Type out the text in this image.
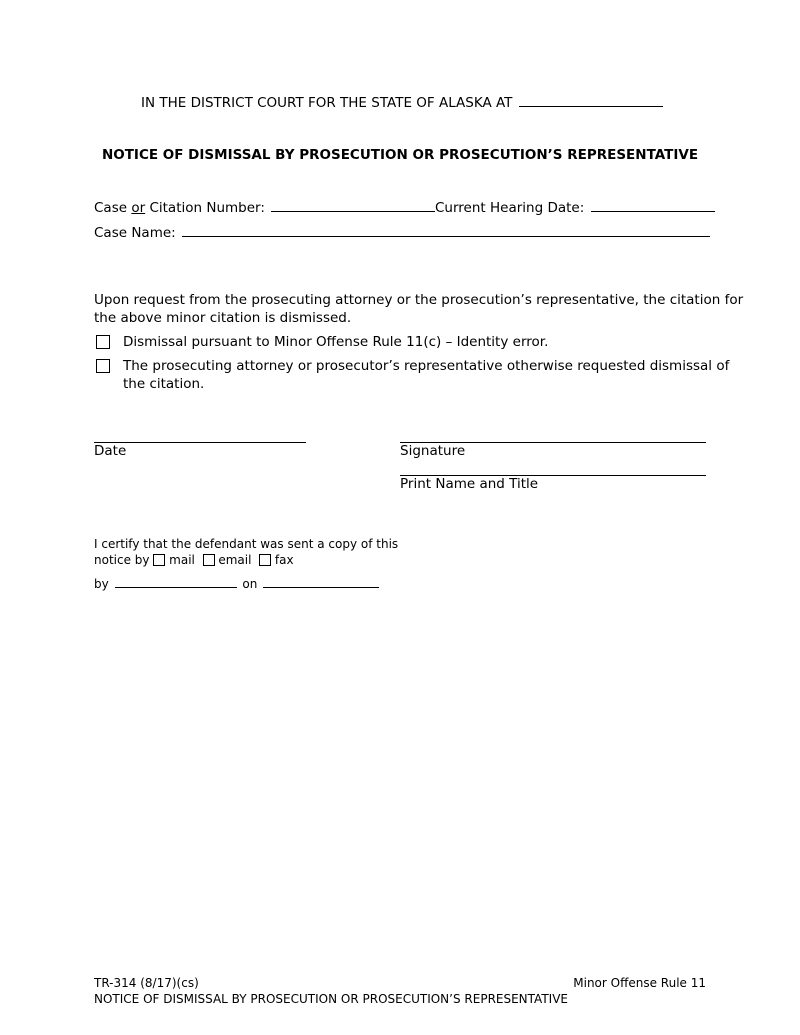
IN THE DISTRICT COURT FOR THE STATE OF ALASKA AT
NOTICE OF DISMISSAL BY PROSECUTION OR PROSECUTION’S REPRESENTATIVE
Case or Citation Number:	Current Hearing Date:
Case Name:
Upon request from the prosecuting attorney or the prosecution’s representative, the citation for
the above minor citation is dismissed.
Dismissal pursuant to Minor Offense Rule 11(c) – Identity error.
The prosecuting attorney or prosecutor’s representative otherwise requested dismissal of
the citation.
Date	Signature
Print Name and Title
I certify that the defendant was sent a copy of this
notice by mail email fax
by	on
TR-314 (8/17)(cs)	Minor Offense Rule 11
NOTICE OF DISMISSAL BY PROSECUTION OR PROSECUTION’S REPRESENTATIVE
